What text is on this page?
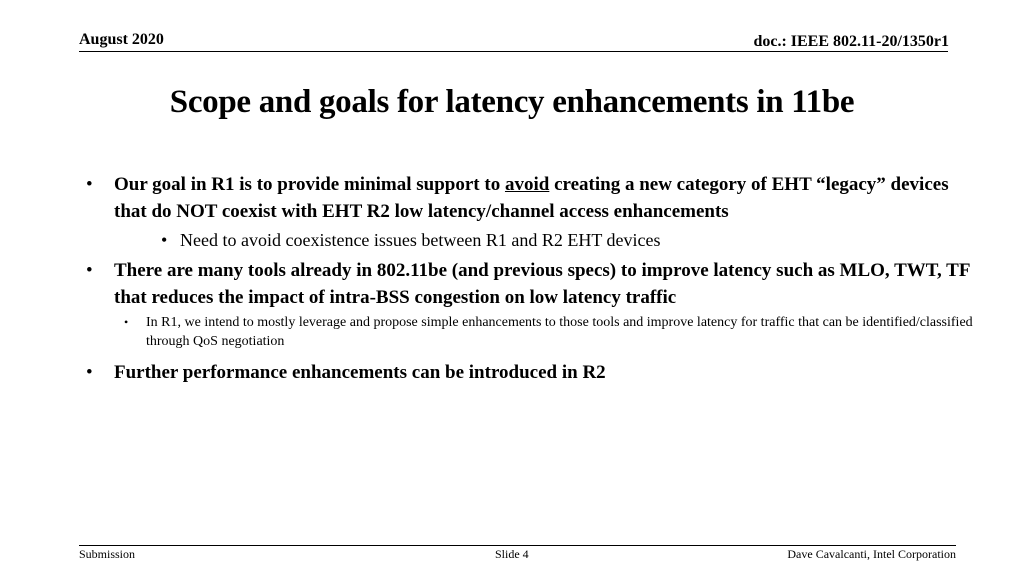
August 2020	doc.: IEEE 802.11-20/1350r1
Scope and goals for latency enhancements in 11be
• Our goal in R1 is to provide minimal support to avoid creating a new category of EHT “legacy” devices that do NOT coexist with EHT R2 low latency/channel access enhancements
• Need to avoid coexistence issues between R1 and R2 EHT devices
• There are many tools already in 802.11be (and previous specs) to improve latency such as MLO, TWT, TF that reduces the impact of intra-BSS congestion on low latency traffic
• In R1, we intend to mostly leverage and propose simple enhancements to those tools and improve latency for traffic that can be identified/classified through QoS negotiation
• Further performance enhancements can be introduced in R2
Submission	Slide 4	Dave Cavalcanti, Intel Corporation
